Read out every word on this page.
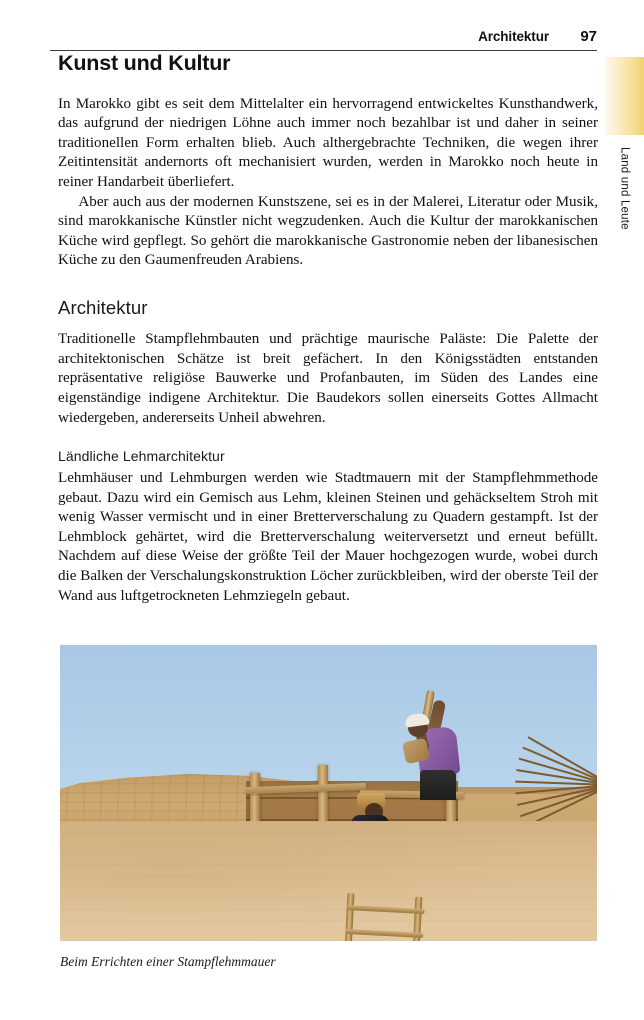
Architektur	97
Land und Leute
Kunst und Kultur

In Marokko gibt es seit dem Mittelalter ein hervorragend entwickeltes Kunsthandwerk, das aufgrund der niedrigen Löhne auch immer noch bezahlbar ist und daher in seiner traditionellen Form erhalten blieb. Auch althergebrachte Techniken, die wegen ihrer Zeitintensität andernorts oft mechanisiert wurden, werden in Marokko noch heute in reiner Handarbeit überliefert.

Aber auch aus der modernen Kunstszene, sei es in der Malerei, Literatur oder Musik, sind marokkanische Künstler nicht wegzudenken. Auch die Kultur der marokkanischen Küche wird gepflegt. So gehört die marokkanische Gastronomie neben der libanesischen Küche zu den Gaumenfreuden Arabiens.

Architektur

Traditionelle Stampflehmbauten und prächtige maurische Paläste: Die Palette der architektonischen Schätze ist breit gefächert. In den Königsstädten entstanden repräsentative religiöse Bauwerke und Profanbauten, im Süden des Landes eine eigenständige indigene Architektur. Die Baudekors sollen einerseits Gottes Allmacht wiedergeben, andererseits Unheil abwehren.

Ländliche Lehmarchitektur

Lehmhäuser und Lehmburgen werden wie Stadtmauern mit der Stampflehmmethode gebaut. Dazu wird ein Gemisch aus Lehm, kleinen Steinen und gehäckseltem Stroh mit wenig Wasser vermischt und in einer Bretterverschalung zu Quadern gestampft. Ist der Lehmblock gehärtet, wird die Bretterverschalung weiterversetzt und erneut befüllt. Nachdem auf diese Weise der größte Teil der Mauer hochgezogen wurde, wobei durch die Balken der Verschalungskonstruktion Löcher zurückbleiben, wird der oberste Teil der Wand aus luftgetrockneten Lehmziegeln gebaut.

Beim Errichten einer Stampflehmmauer
